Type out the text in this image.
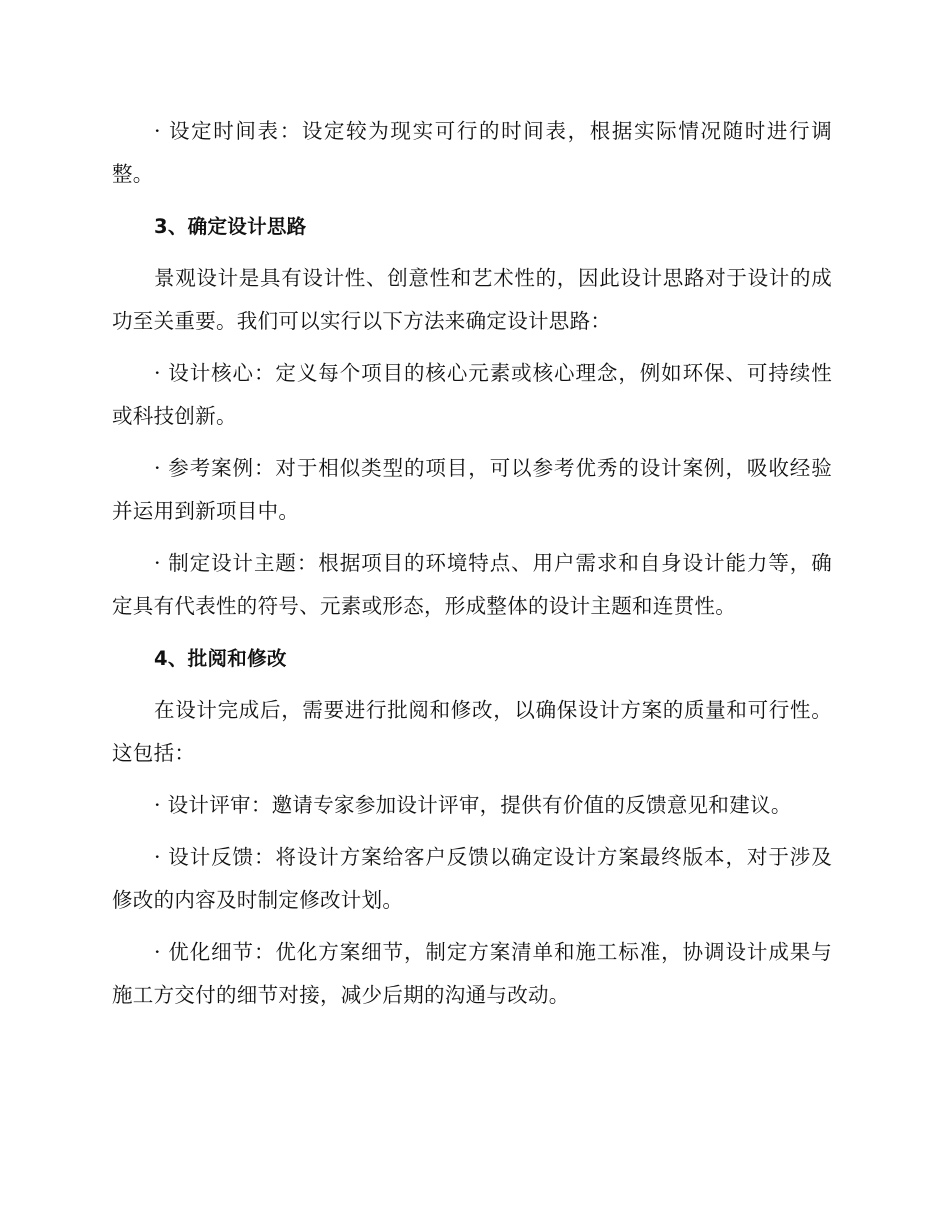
· 设定时间表：设定较为现实可行的时间表，根据实际情况随时进行调整。

3、确定设计思路

景观设计是具有设计性、创意性和艺术性的，因此设计思路对于设计的成功至关重要。我们可以实行以下方法来确定设计思路：

· 设计核心：定义每个项目的核心元素或核心理念，例如环保、可持续性或科技创新。

· 参考案例：对于相似类型的项目，可以参考优秀的设计案例，吸收经验并运用到新项目中。

· 制定设计主题：根据项目的环境特点、用户需求和自身设计能力等，确定具有代表性的符号、元素或形态，形成整体的设计主题和连贯性。

4、批阅和修改

在设计完成后，需要进行批阅和修改，以确保设计方案的质量和可行性。这包括：

· 设计评审：邀请专家参加设计评审，提供有价值的反馈意见和建议。

· 设计反馈：将设计方案给客户反馈以确定设计方案最终版本，对于涉及修改的内容及时制定修改计划。

· 优化细节：优化方案细节，制定方案清单和施工标准，协调设计成果与施工方交付的细节对接，减少后期的沟通与改动。
